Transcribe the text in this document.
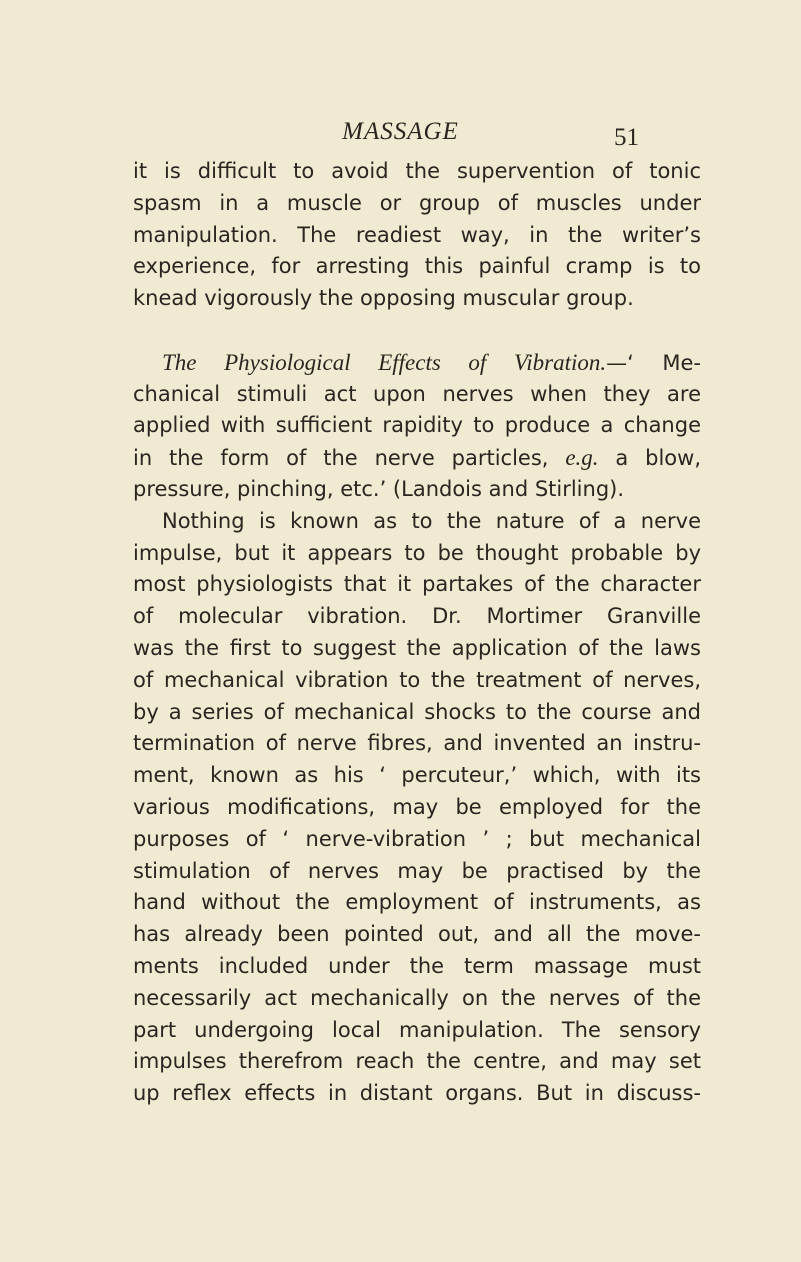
MASSAGE	51
it is difficult to avoid the supervention of tonic
spasm in a muscle or group of muscles under
manipulation. The readiest way, in the writer’s
experience, for arresting this painful cramp is to
knead vigorously the opposing muscular group.
The Physiological Effects of Vibration.—‘ Me-
chanical stimuli act upon nerves when they are
applied with sufficient rapidity to produce a change
in the form of the nerve particles, e.g. a blow,
pressure, pinching, etc.’ (Landois and Stirling).
Nothing is known as to the nature of a nerve
impulse, but it appears to be thought probable by
most physiologists that it partakes of the character
of molecular vibration. Dr. Mortimer Granville
was the first to suggest the application of the laws
of mechanical vibration to the treatment of nerves,
by a series of mechanical shocks to the course and
termination of nerve fibres, and invented an instru-
ment, known as his ‘ percuteur,’ which, with its
various modifications, may be employed for the
purposes of ‘ nerve-vibration ’ ; but mechanical
stimulation of nerves may be practised by the
hand without the employment of instruments, as
has already been pointed out, and all the move-
ments included under the term massage must
necessarily act mechanically on the nerves of the
part undergoing local manipulation. The sensory
impulses therefrom reach the centre, and may set
up reflex effects in distant organs. But in discuss-
